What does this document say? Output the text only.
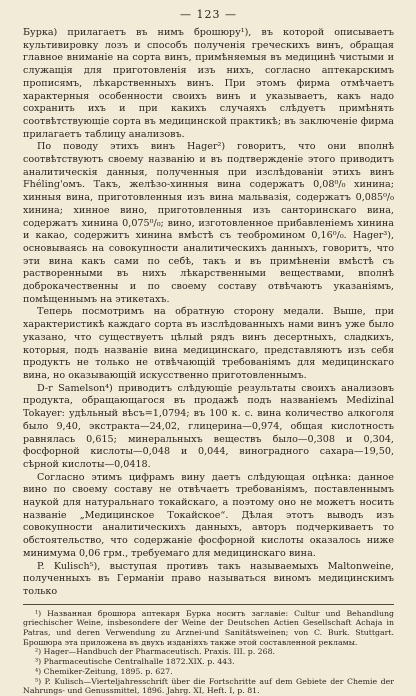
— 123 —

Бурка) прилагаетъ въ нимъ брошюру¹), въ которой описываетъ культивировку лозъ и способъ полученія греческихъ винъ, обращая главное вниманіе на сорта винъ, примѣняемыя въ медицинѣ чистыми и служащія для приготовленія изъ нихъ, согласно аптекарскимъ прописямъ, лѣкарственныхъ винъ. При этомъ фирма отмѣчаетъ характерныя особенности своихъ винъ и указываетъ, какъ надо сохранить ихъ и при какихъ случаяхъ слѣдуетъ примѣнять соотвѣтствующіе сорта въ медицинской практикѣ; въ заключеніе фирма прилагаетъ таблицу анализовъ.

По поводу этихъ винъ Hager²) говоритъ, что они вполнѣ соотвѣтствуютъ своему названію и въ подтвержденіе этого приводитъ аналитическія данныя, полученныя при изслѣдованіи этихъ винъ Fhéling'омъ. Такъ, желѣзо-хинныя вина содержатъ 0,08⁰/₀ хинина; хинныя вина, приготовленныя изъ вина мальвазія, содержатъ 0,085⁰/₀ хинина; хинное вино, приготовленныя изъ санторинскаго вина, содержатъ хинина 0,075⁰/₀; вино, изготовленное прибавленіемъ хинина и какао, содержитъ хинина вмѣстѣ съ теобромином 0,16⁰/₀. Hager³), основываясь на совокупности аналитическихъ данныхъ, говоритъ, что эти вина какъ сами по себѣ, такъ и въ примѣненіи вмѣстѣ съ растворенными въ нихъ лѣкарственными веществами, вполнѣ доброкачественны и по своему составу отвѣчаютъ указаніямъ, помѣщеннымъ на этикетахъ.

Теперь посмотримъ на обратную сторону медали. Выше, при характеристикѣ каждаго сорта въ изслѣдованныхъ нами винъ уже было указано, что существуетъ цѣлый рядъ винъ десертныхъ, сладкихъ, которыя, подъ названіе вина медицинскаго, представляютъ изъ себя продуктъ не только не отвѣчающій требованіямъ для медицинскаго вина, но оказывающій искусственно приготовленнымъ.

D-r Samelson⁴) приводитъ слѣдующіе результаты своихъ анализовъ продукта, обращающагося въ продажѣ подъ названіемъ Medizinal Tokayer: удѣльный вѣсъ=1,0794; въ 100 к. с. вина количество алкоголя было 9,40, экстракта—24,02, глицерина—0,974, общая кислотность равнялась 0,615; минеральныхъ веществъ было—0,308 и 0,304, фосфорной кислоты—0,048 и 0,044, виноградного сахара—19,50, сѣрной кислоты—0,0418.

Согласно этимъ цифрамъ вину даетъ слѣдующая оцѣнка: данное вино по своему составу не отвѣчаетъ требованіямъ, поставленнымъ наукой для натуральнаго токайскаго, а поэтому оно не можетъ носить названіе „Медицинское Токайское“. Дѣлая этотъ выводъ изъ совокупности аналитическихъ данныхъ, авторъ подчеркиваетъ то обстоятельство, что содержаніе фосфорной кислоты оказалось ниже минимума 0,06 грм., требуемаго для медицинскаго вина.

P. Kulisch⁵), выступая противъ такъ называемыхъ Maltonweine, полученныхъ въ Германіи право называться виномъ медицинскимъ только

¹) Названная брошюра аптекаря Бурка носитъ заглавіе: Cultur und Behandlung griechischer Weine, insbesondere der Weine der Deutschen Actien Gesellschaft Achaja in Patras, und deren Verwendung zu Arznei-und Sanitätsweinen; von C. Burk. Stuttgart. Брошюра эта приложена въ двухъ изданіяхъ также этой составленной рекламы.

²) Hager—Handbuch der Pharmaceutisch. Praxis. III. p. 268.

³) Pharmaceutische Centralhalle 1872.XIX. p. 443.

⁴) Chemiker-Zeitung, 1895. p. 627.

⁵) P. Kulisch—Vierteljahresschrift über die Fortschritte auf dem Gebiete der Chemie der Nahrungs- und Genussmittel, 1896. Jahrg. XI, Heft. I, p. 81.
